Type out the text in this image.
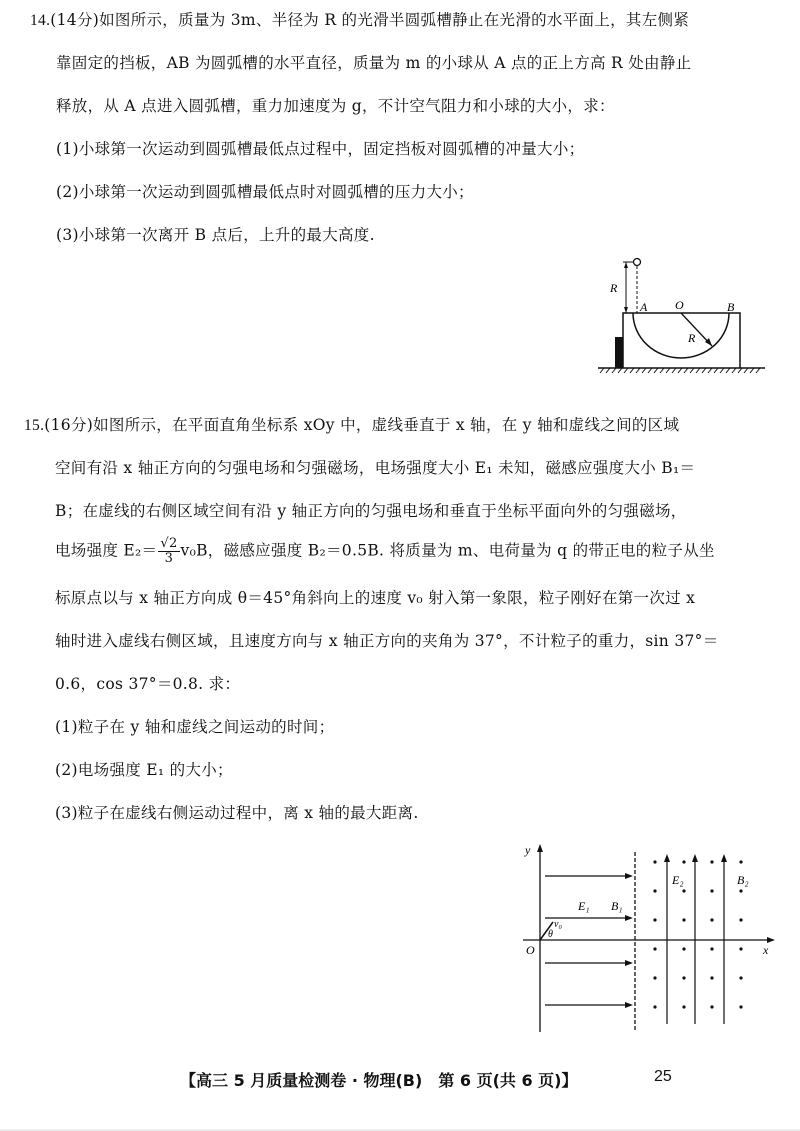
14.(14分)如图所示，质量为 3m、半径为 R 的光滑半圆弧槽静止在光滑的水平面上，其左侧紧
靠固定的挡板，AB 为圆弧槽的水平直径，质量为 m 的小球从 A 点的正上方高 R 处由静止
释放，从 A 点进入圆弧槽，重力加速度为 g，不计空气阻力和小球的大小，求：
(1)小球第一次运动到圆弧槽最低点过程中，固定挡板对圆弧槽的冲量大小；
(2)小球第一次运动到圆弧槽最低点时对圆弧槽的压力大小；
(3)小球第一次离开 B 点后，上升的最大高度.
R
A O	B
R
15.(16分)如图所示，在平面直角坐标系 xOy 中，虚线垂直于 x 轴，在 y 轴和虚线之间的区域
空间有沿 x 轴正方向的匀强电场和匀强磁场，电场强度大小 E₁ 未知，磁感应强度大小 B₁＝
B；在虚线的右侧区域空间有沿 y 轴正方向的匀强电场和垂直于坐标平面向外的匀强磁场，
电场强度 $E_2= \frac{√2}{3} v_0B$，磁感应强度 B₂＝0.5B. 将质量为 m、电荷量为 q 的带正电的粒子从坐
标原点以与 x 轴正方向成 θ＝45°角斜向上的速度 v₀ 射入第一象限，粒子刚好在第一次过 x
轴时进入虚线右侧区域，且速度方向与 x 轴正方向的夹角为 37°，不计粒子的重力，sin 37°＝
0.6，cos 37°＝0.8. 求：
(1)粒子在 y 轴和虚线之间运动的时间；
(2)电场强度 E₁ 的大小；
(3)粒子在虚线右侧运动过程中，离 x 轴的最大距离.
y
x
O
E₁ B₁
θ
v₀
E₂	B₂
【高三 5 月质量检测卷 · 物理(B)　第 6 页(共 6 页)】	25
